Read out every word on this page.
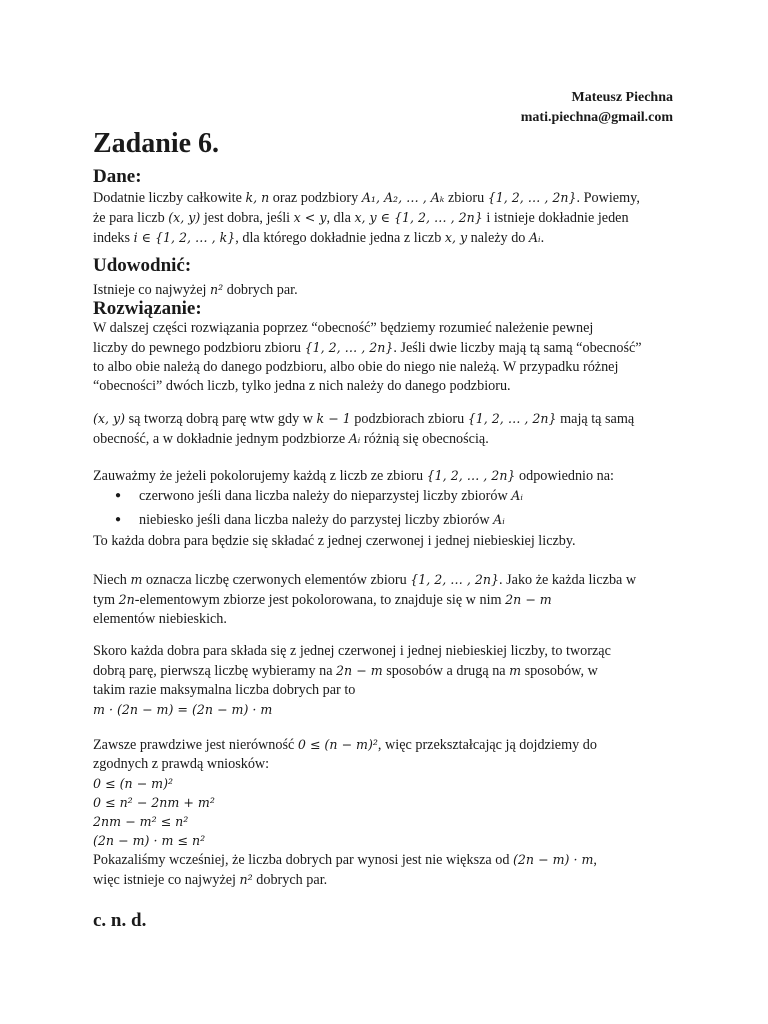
Mateusz Piechna
mati.piechna@gmail.com
Zadanie 6.
Dane:

Dodatnie liczby całkowite k, n oraz podzbiory A₁, A₂, … , Aₖ zbioru {1, 2, … , 2n}. Powiemy,

że para liczb (x, y) jest dobra, jeśli x < y, dla x, y ∈ {1, 2, … , 2n} i istnieje dokładnie jeden

indeks i ∈ {1, 2, … , k}, dla którego dokładnie jedna z liczb x, y należy do Aᵢ.

Udowodnić:

Istnieje co najwyżej n² dobrych par.

Rozwiązanie:

W dalszej części rozwiązania poprzez “obecność” będziemy rozumieć należenie pewnej

liczby do pewnego podzbioru zbioru {1, 2, … , 2n}. Jeśli dwie liczby mają tą samą “obecność”

to albo obie należą do danego podzbioru, albo obie do niego nie należą. W przypadku różnej

“obecności” dwóch liczb, tylko jedna z nich należy do danego podzbioru.

(x, y) są tworzą dobrą parę wtw gdy w k − 1 podzbiorach zbioru {1, 2, … , 2n} mają tą samą

obecność, a w dokładnie jednym podzbiorze Aᵢ różnią się obecnością.

Zauważmy że jeżeli pokolorujemy każdą z liczb ze zbioru {1, 2, … , 2n} odpowiednio na:

● czerwono jeśli dana liczba należy do nieparzystej liczby zbiorów Aᵢ
● niebiesko jeśli dana liczba należy do parzystej liczby zbiorów Aᵢ

To każda dobra para będzie się składać z jednej czerwonej i jednej niebieskiej liczby.

Niech m oznacza liczbę czerwonych elementów zbioru {1, 2, … , 2n}. Jako że każda liczba w

tym 2n-elementowym zbiorze jest pokolorowana, to znajduje się w nim 2n − m

elementów niebieskich.

Skoro każda dobra para składa się z jednej czerwonej i jednej niebieskiej liczby, to tworząc

dobrą parę, pierwszą liczbę wybieramy na 2n − m sposobów a drugą na m sposobów, w

takim razie maksymalna liczba dobrych par to

m · (2n − m) = (2n − m) · m

Zawsze prawdziwe jest nierówność 0 ≤ (n − m)², więc przekształcając ją dojdziemy do

zgodnych z prawdą wniosków:

0 ≤ (n − m)²

0 ≤ n² − 2nm + m²

2nm − m² ≤ n²

(2n − m) · m ≤ n²

Pokazaliśmy wcześniej, że liczba dobrych par wynosi jest nie większa od (2n − m) · m,

więc istnieje co najwyżej n² dobrych par.

c. n. d.
